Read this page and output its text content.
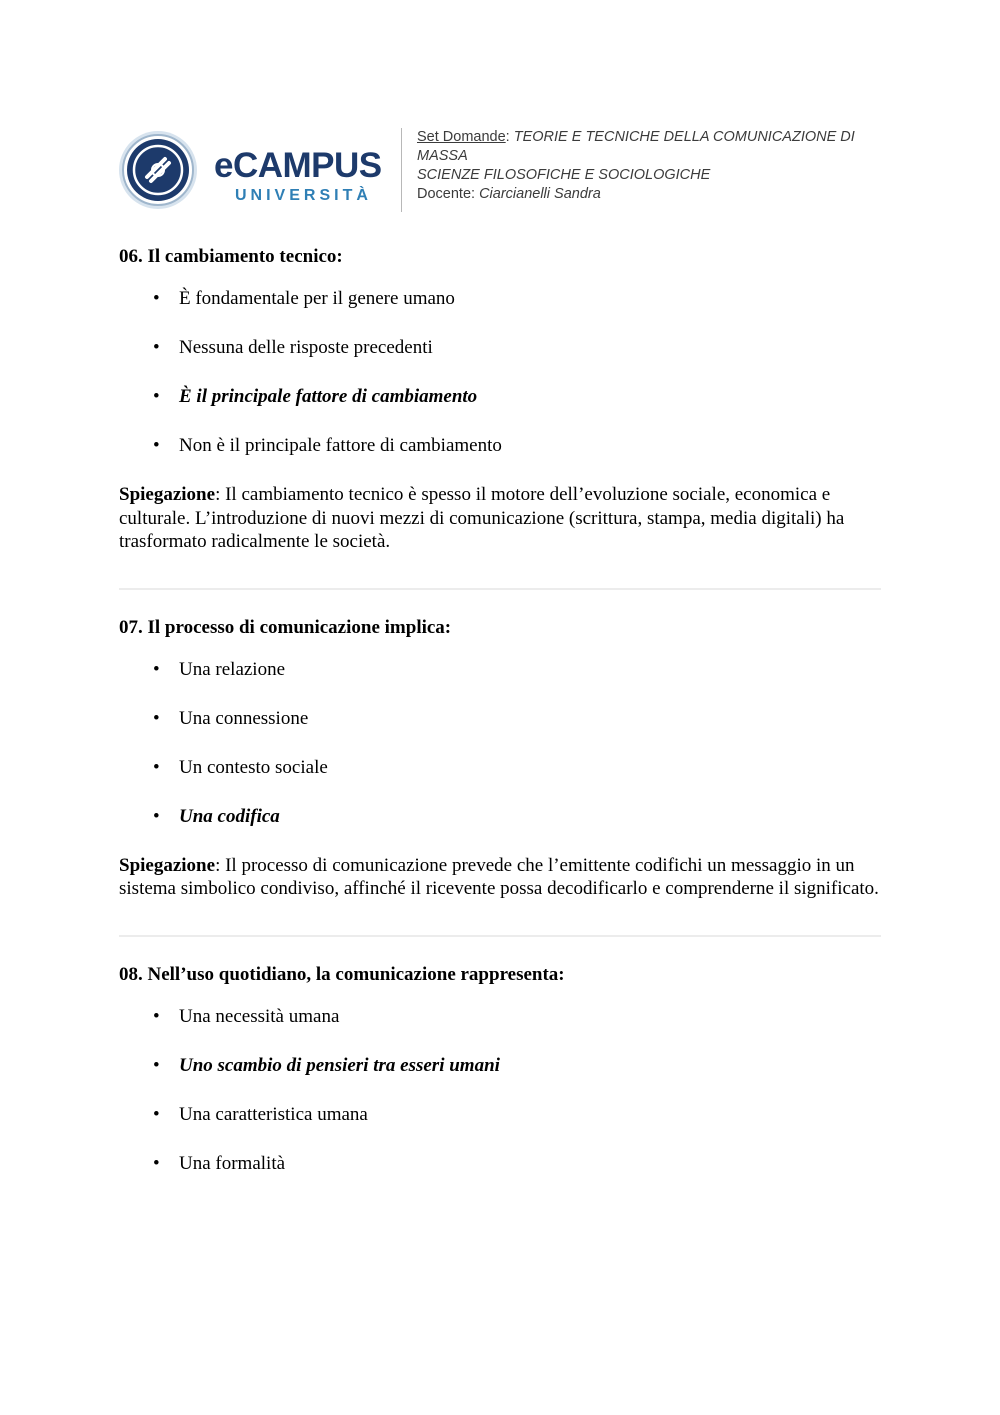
eCAMPUS
UNIVERSITÀ

Set Domande: TEORIE E TECNICHE DELLA COMUNICAZIONE DI MASSA

SCIENZE FILOSOFICHE E SOCIOLOGICHE

Docente: Ciarcianelli Sandra

06. Il cambiamento tecnico:

• È fondamentale per il genere umano
• Nessuna delle risposte precedenti
• È il principale fattore di cambiamento
• Non è il principale fattore di cambiamento

Spiegazione: Il cambiamento tecnico è spesso il motore dell’evoluzione sociale, economica e culturale. L’introduzione di nuovi mezzi di comunicazione (scrittura, stampa, media digitali) ha trasformato radicalmente le società.

07. Il processo di comunicazione implica:

• Una relazione
• Una connessione
• Un contesto sociale
• Una codifica

Spiegazione: Il processo di comunicazione prevede che l’emittente codifichi un messaggio in un sistema simbolico condiviso, affinché il ricevente possa decodificarlo e comprenderne il significato.

08. Nell’uso quotidiano, la comunicazione rappresenta:

• Una necessità umana
• Uno scambio di pensieri tra esseri umani
• Una caratteristica umana
• Una formalità
